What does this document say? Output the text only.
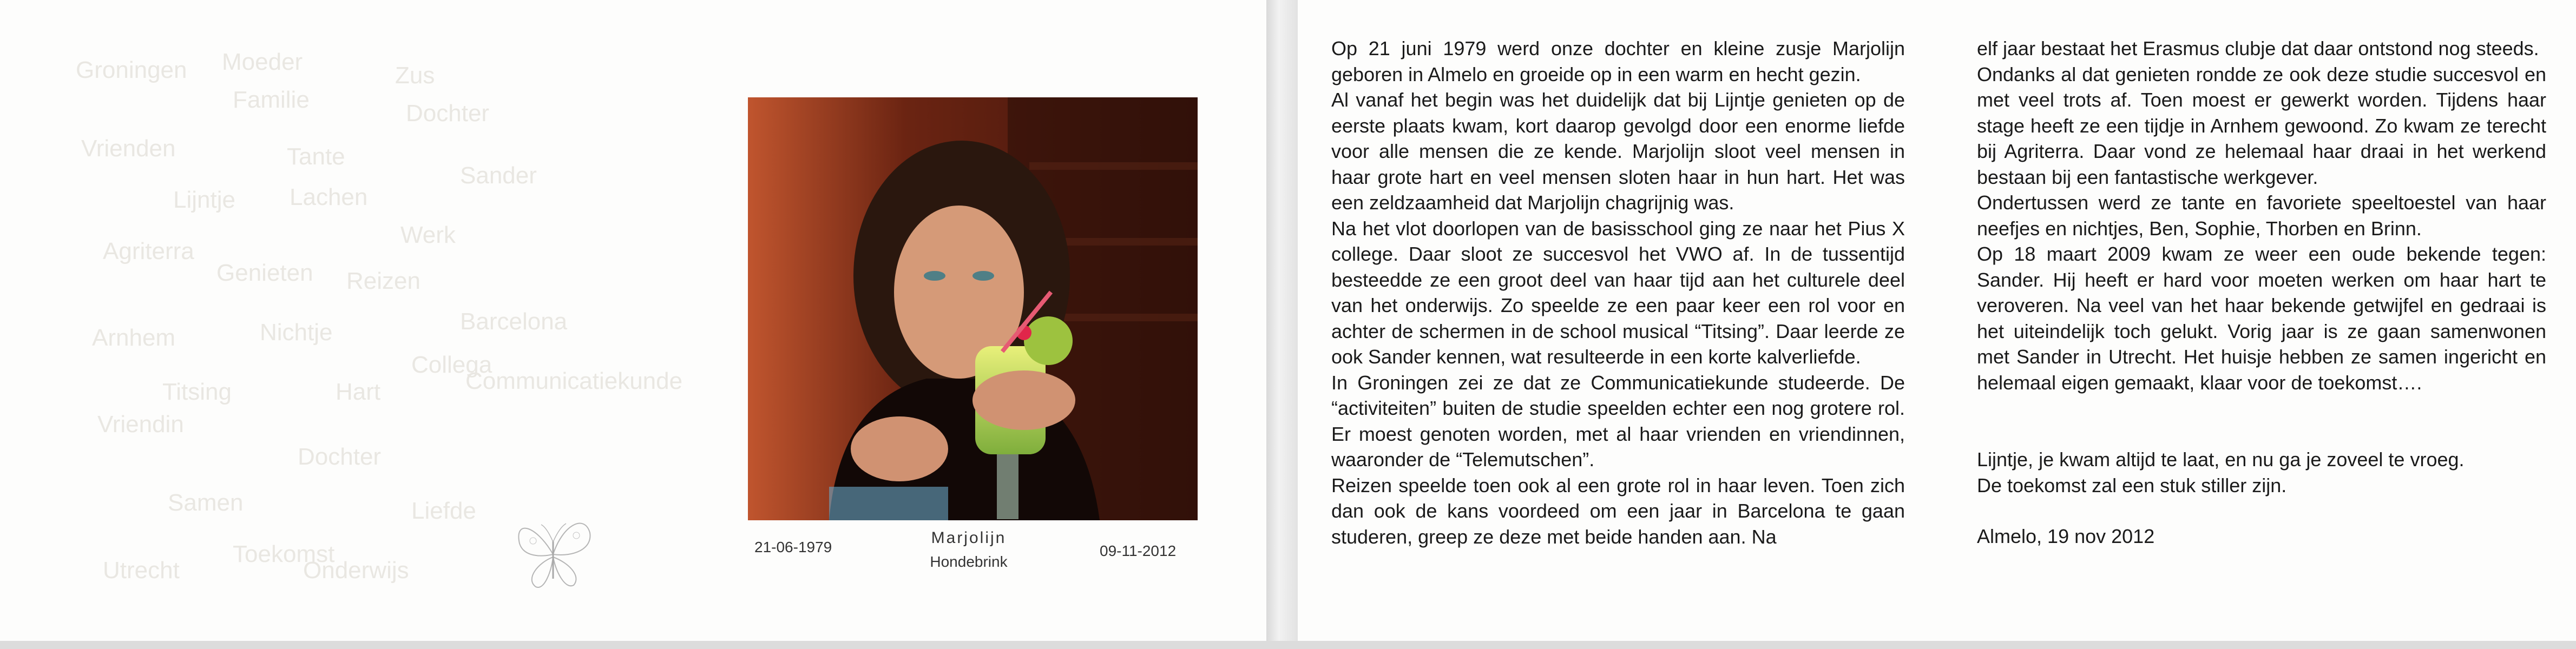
Groningen Moeder
Zus
Familie
Dochter
Vrienden	Tante
Sander
Lijntje Lachen
Werk
Agriterra
Genieten Reizen
Barcelona
Arnhem	Nichtje
Collega
Titsing	Hart
Vriendin
Dochter
Samen	Liefde
Toekomst
Utrecht	Onderwijs
Communicatiekunde
21-06-1979
Marjolijn
Hondebrink
09-11-2012

Op 21 juni 1979 werd onze dochter en kleine zusje Marjolijn geboren in Almelo en groeide op in een warm en hecht gezin.

Al vanaf het begin was het duidelijk dat bij Lijntje genieten op de eerste plaats kwam, kort daarop gevolgd door een enorme liefde voor alle mensen die ze kende. Marjolijn sloot veel mensen in haar grote hart en veel mensen sloten haar in hun hart. Het was een zeldzaamheid dat Marjolijn chagrijnig was.

Na het vlot doorlopen van de basisschool ging ze naar het Pius X college. Daar sloot ze succesvol het VWO af. In de tussentijd besteedde ze een groot deel van haar tijd aan het culturele deel van het onderwijs. Zo speelde ze een paar keer een rol voor en achter de schermen in de school musical “Titsing”. Daar leerde ze ook Sander kennen, wat resulteerde in een korte kalverliefde.

In Groningen zei ze dat ze Communicatiekunde studeerde. De “activiteiten” buiten de studie speelden echter een nog grotere rol. Er moest genoten worden, met al haar vrienden en vriendinnen, waaronder de “Telemutschen”.

Reizen speelde toen ook al een grote rol in haar leven. Toen zich dan ook de kans voordeed om een jaar in Barcelona te gaan studeren, greep ze deze met beide handen aan. Na

elf jaar bestaat het Erasmus clubje dat daar ontstond nog steeds.

Ondanks al dat genieten rondde ze ook deze studie succesvol en met veel trots af. Toen moest er gewerkt worden. Tijdens haar stage heeft ze een tijdje in Arnhem gewoond. Zo kwam ze terecht bij Agriterra. Daar vond ze helemaal haar draai in het werkend bestaan bij een fantastische werkgever.

Ondertussen werd ze tante en favoriete speeltoestel van haar neefjes en nichtjes, Ben, Sophie, Thorben en Brinn.

Op 18 maart 2009 kwam ze weer een oude bekende tegen: Sander. Hij heeft er hard voor moeten werken om haar hart te veroveren. Na veel van het haar bekende getwijfel en gedraai is het uiteindelijk toch gelukt. Vorig jaar is ze gaan samenwonen met Sander in Utrecht. Het huisje hebben ze samen ingericht en helemaal eigen gemaakt, klaar voor de toekomst….

Lijntje, je kwam altijd te laat, en nu ga je zoveel te vroeg.

De toekomst zal een stuk stiller zijn.

Almelo, 19 nov 2012
